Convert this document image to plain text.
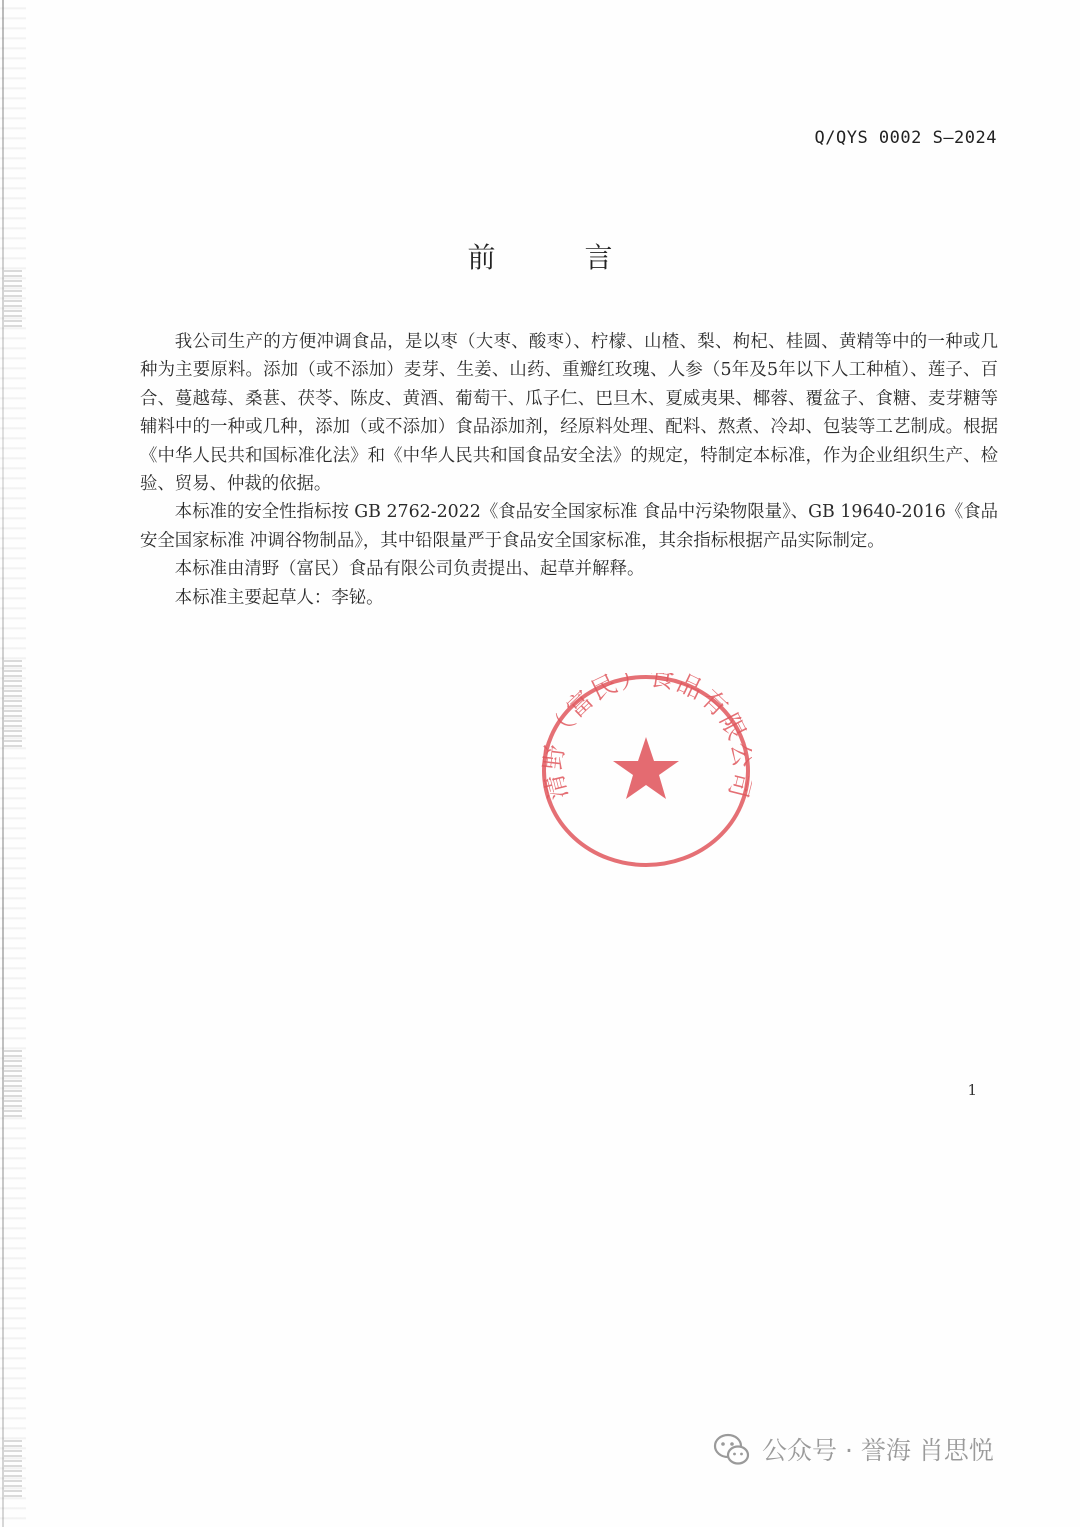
Q/QYS 0002 S—2024
前 言

我公司生产的方便冲调食品，是以枣（大枣、酸枣）、柠檬、山楂、梨、枸杞、桂圆、黄精等中的一种或几种为主要原料。添加（或不添加）麦芽、生姜、山药、重瓣红玫瑰、人参（5年及5年以下人工种植）、莲子、百合、蔓越莓、桑葚、茯苓、陈皮、黄酒、葡萄干、瓜子仁、巴旦木、夏威夷果、椰蓉、覆盆子、食糖、麦芽糖等辅料中的一种或几种，添加（或不添加）食品添加剂，经原料处理、配料、熬煮、冷却、包装等工艺制成。根据《中华人民共和国标准化法》和《中华人民共和国食品安全法》的规定，特制定本标准，作为企业组织生产、检验、贸易、仲裁的依据。

本标准的安全性指标按 GB 2762-2022《食品安全国家标准 食品中污染物限量》、GB 19640-2016《食品安全国家标准 冲调谷物制品》，其中铅限量严于食品安全国家标准，其余指标根据产品实际制定。

本标准由清野（富民）食品有限公司负责提出、起草并解释。

本标准主要起草人：李铋。

清野（富民）食品有限
1
公众号 · 誉海 肖思悦
